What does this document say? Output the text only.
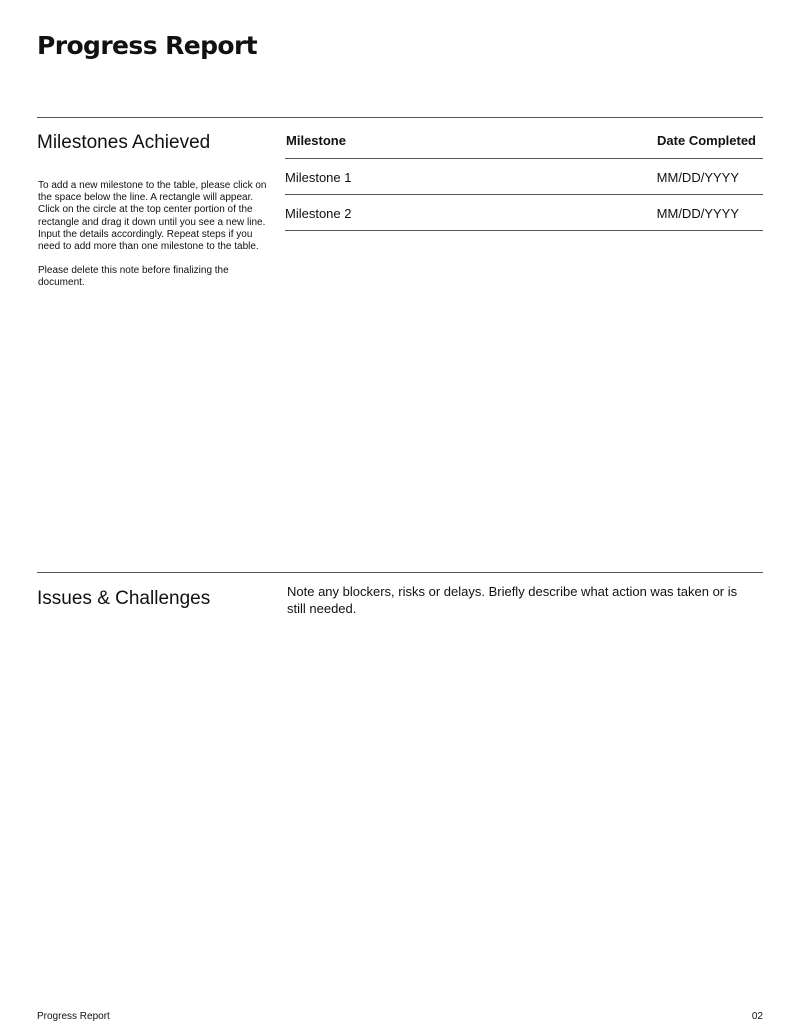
Progress Report
Milestones Achieved

To add a new milestone to the table, please click on the space below the line. A rectangle will appear. Click on the circle at the top center portion of the rectangle and drag it down until you see a new line. Input the details accordingly. Repeat steps if you need to add more than one milestone to the table.

Please delete this note before finalizing the document.

Milestone	Date Completed
Milestone 1	MM/DD/YYYY
Milestone 2	MM/DD/YYYY
Issues & Challenges	Note any blockers, risks or delays. Briefly describe what action was taken or is still needed.

Progress Report	02
